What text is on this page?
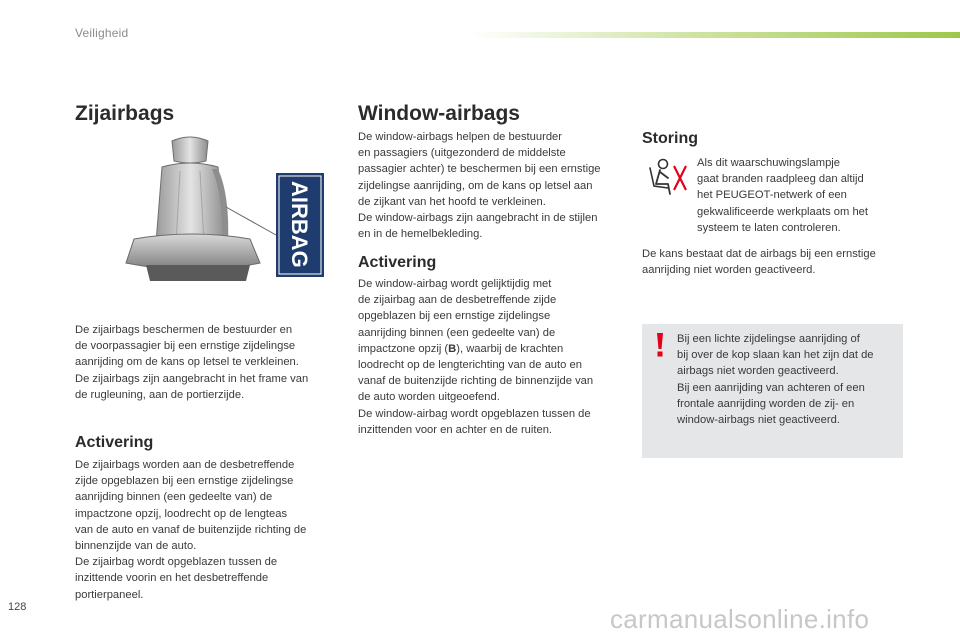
Veiligheid
Zijairbags
AIRBAG

De zijairbags beschermen de bestuurder en
de voorpassagier bij een ernstige zijdelingse
aanrijding om de kans op letsel te verkleinen.
De zijairbags zijn aangebracht in het frame van
de rugleuning, aan de portierzijde.

Activering

De zijairbags worden aan de desbetreffende
zijde opgeblazen bij een ernstige zijdelingse
aanrijding binnen (een gedeelte van) de
impactzone opzij, loodrecht op de lengteas
van de auto en vanaf de buitenzijde richting de
binnenzijde van de auto.
De zijairbag wordt opgeblazen tussen de
inzittende voorin en het desbetreffende
portierpaneel.

Window-airbags

De window-airbags helpen de bestuurder
en passagiers (uitgezonderd de middelste
passagier achter) te beschermen bij een ernstige
zijdelingse aanrijding, om de kans op letsel aan
de zijkant van het hoofd te verkleinen.
De window-airbags zijn aangebracht in de stijlen
en in de hemelbekleding.

Activering

De window-airbag wordt gelijktijdig met
de zijairbag aan de desbetreffende zijde
opgeblazen bij een ernstige zijdelingse
aanrijding binnen (een gedeelte van) de
impactzone opzij (B), waarbij de krachten
loodrecht op de lengterichting van de auto en
vanaf de buitenzijde richting de binnenzijde van
de auto worden uitgeoefend.
De window-airbag wordt opgeblazen tussen de
inzittenden voor en achter en de ruiten.

Storing

Als dit waarschuwingslampje
gaat branden raadpleeg dan altijd
het PEUGEOT-netwerk of een
gekwalificeerde werkplaats om het
systeem te laten controleren.

De kans bestaat dat de airbags bij een ernstige
aanrijding niet worden geactiveerd.

Bij een lichte zijdelingse aanrijding of
bij over de kop slaan kan het zijn dat de
airbags niet worden geactiveerd.
Bij een aanrijding van achteren of een
frontale aanrijding worden de zij- en
window-airbags niet geactiveerd.

128	carmanualsonline.info
